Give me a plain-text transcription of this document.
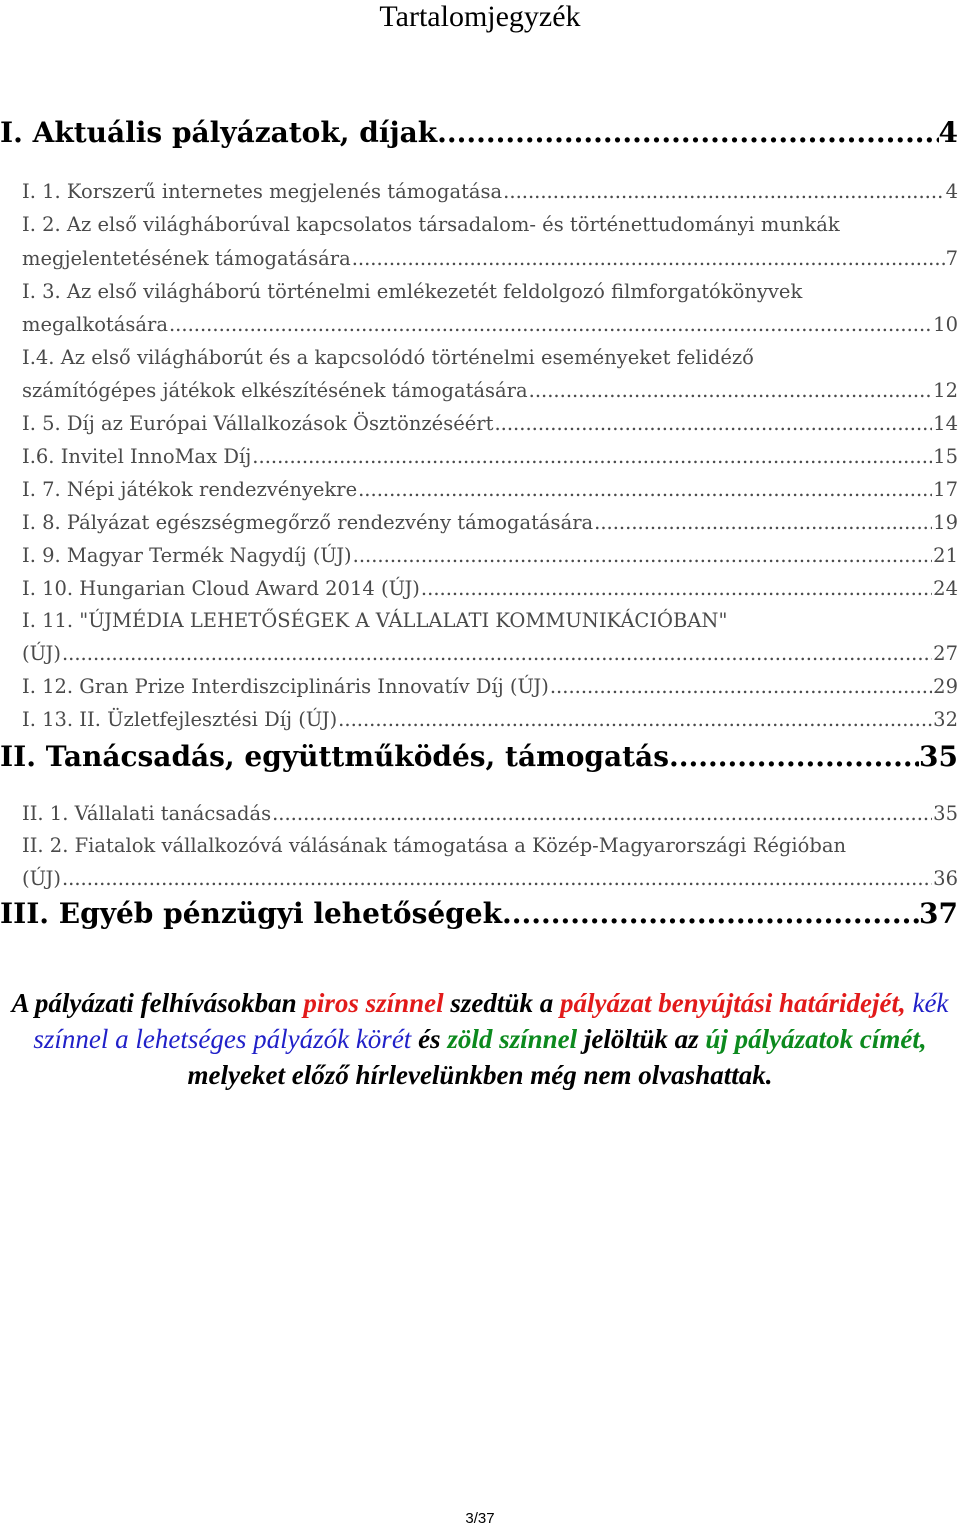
Tartalomjegyzék
I. Aktuális pályázatok, díjak .....	4
I. 1. Korszerű internetes megjelenés támogatása .....	4
I. 2. Az első világháborúval kapcsolatos társadalom- és történettudományi munkák
megjelentetésének támogatására .....	7
I. 3. Az első világháború történelmi emlékezetét feldolgozó filmforgatókönyvek
megalkotására .....	10
I.4. Az első világháborút és a kapcsolódó történelmi eseményeket felidéző
számítógépes játékok elkészítésének támogatására .....	12
I. 5. Díj az Európai Vállalkozások Ösztönzéséért .....	14
I.6. Invitel InnoMax Díj .....	15
I. 7. Népi játékok rendezvényekre .....	17
I. 8. Pályázat egészségmegőrző rendezvény támogatására .....	19
I. 9. Magyar Termék Nagydíj (ÚJ) .....	21
I. 10. Hungarian Cloud Award 2014 (ÚJ) .....	24
I. 11. "ÚJMÉDIA LEHETŐSÉGEK A VÁLLALATI KOMMUNIKÁCIÓBAN"
(ÚJ) .....	27
I. 12. Gran Prize Interdiszciplináris Innovatív Díj (ÚJ) .....	29
I. 13. II. Üzletfejlesztési Díj (ÚJ) .....	32
II. Tanácsadás, együttműködés, támogatás .....	35
II. 1. Vállalati tanácsadás .....	35
II. 2. Fiatalok vállalkozóvá válásának támogatása a Közép-Magyarországi Régióban
(ÚJ) .....	36
III. Egyéb pénzügyi lehetőségek .....	37
A pályázati felhívásokban piros színnel szedtük a pályázat benyújtási határidejét, kék színnel a lehetséges pályázók körét és zöld színnel jelöltük az új pályázatok címét, melyeket előző hírlevelünkben még nem olvashattak.
3/37
